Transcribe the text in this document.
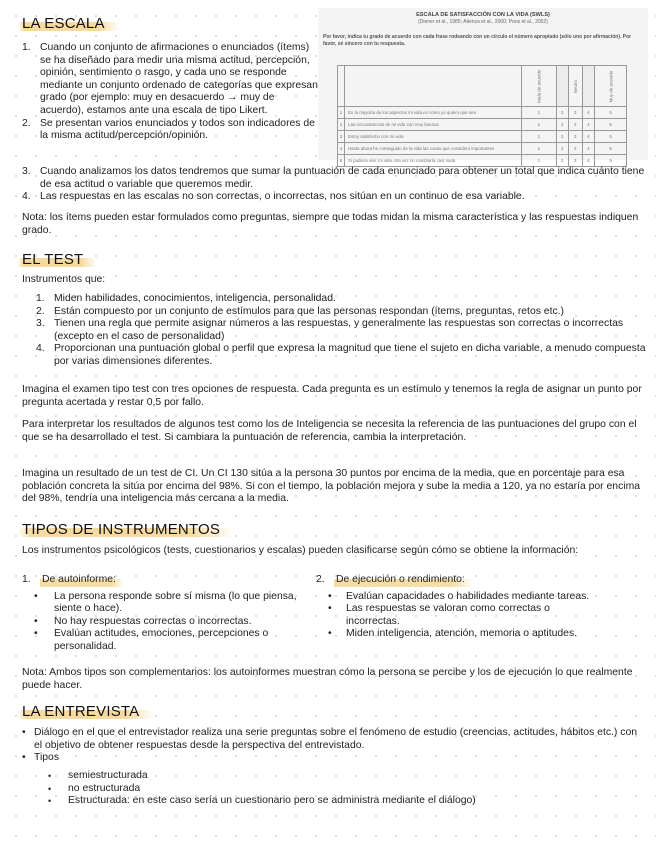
LA ESCALA	ESCALA DE SATISFACCIÓN CON LA VIDA (SWLS)
(Diener et al., 1985; Atienza et al., 2000; Pons et al., 2002)
Por favor, indica tu grado de acuerdo con cada frase rodeando con un círculo el número apropiado (sólo uno por afirmación). Por favor, sé sincero con tu respuesta.
		Nada de acuerdo		Neutro		Muy de acuerdo
1	En la mayoría de los aspectos mi vida es como yo quiero que sea	1	2	3	4	5
2	Las circunstancias de mi vida son muy buenas	1	2	3	4	5
3	Estoy satisfecho con mi vida	1	2	3	4	5
4	Hasta ahora he conseguido de la vida las cosas que considero importantes	1	2	3	4	5
5	Si pudiera vivir mi vida otra vez no cambiaría casi nada	1	2	3	4	5
1. Cuando un conjunto de afirmaciones o enunciados (ítems) se ha diseñado para medir una misma actitud, percepción, opinión, sentimiento o rasgo, y cada uno se responde mediante un conjunto ordenado de categorías que expresan grado (por ejemplo: muy en desacuerdo → muy de acuerdo), estamos ante una escala de tipo Likert.
2. Se presentan varios enunciados y todos son indicadores de la misma actitud/percepción/opinión.
3. Cuando analizamos los datos tendremos que sumar la puntuación de cada enunciado para obtener un total que indica cuánto tiene de esa actitud o variable que queremos medir.
4. Las respuestas en las escalas no son correctas, o incorrectas, nos sitúan en un continuo de esa variable.

Nota: los ítems pueden estar formulados como preguntas, siempre que todas midan la misma característica y las respuestas indiquen grado.

EL TEST

Instrumentos que:

1. Miden habilidades, conocimientos, inteligencia, personalidad.
2. Están compuesto por un conjunto de estímulos para que las personas respondan (ítems, preguntas, retos etc.)
3. Tienen una regla que permite asignar números a las respuestas, y generalmente las respuestas son correctas o incorrectas (excepto en el caso de personalidad)
4. Proporcionan una puntuación global o perfil que expresa la magnitud que tiene el sujeto en dicha variable, a menudo compuesta por varias dimensiones diferentes.

Imagina el examen tipo test con tres opciones de respuesta. Cada pregunta es un estímulo y tenemos la regla de asignar un punto por pregunta acertada y restar 0,5 por fallo.

Para interpretar los resultados de algunos test como los de Inteligencia se necesita la referencia de las puntuaciones del grupo con el que se ha desarrollado el test. Si cambiara la puntuación de referencia, cambia la interpretación.

Imagina un resultado de un test de CI. Un CI 130 sitúa a la persona 30 puntos por encima de la media, que en porcentaje para esa población concreta la sitúa por encima del 98%. Si con el tiempo, la población mejora y sube la media a 120, ya no estaría por encima del 98%, tendría una inteligencia más cercana a la media.

TIPOS DE INSTRUMENTOS

Los instrumentos psicológicos (tests, cuestionarios y escalas) pueden clasificarse según cómo se obtiene la información:

1. De autoinforme:
• La persona responde sobre sí misma (lo que piensa, siente o hace).
• No hay respuestas correctas o incorrectas.
• Evalúan actitudes, emociones, percepciones o personalidad.
2. De ejecución o rendimiento:
• Evalúan capacidades o habilidades mediante tareas.
• Las respuestas se valoran como correctas o incorrectas.
• Miden inteligencia, atención, memoria o aptitudes.

Nota: Ambos tipos son complementarios: los autoinformes muestran cómo la persona se percibe y los de ejecución lo que realmente puede hacer.

LA ENTREVISTA
• Diálogo en el que el entrevistador realiza una serie preguntas sobre el fenómeno de estudio (creencias, actitudes, hábitos etc.) con el objetivo de obtener respuestas desde la perspectiva del entrevistado.
• Tipos
• semiestructurada
• no estructurada
• Estructurada: en este caso sería un cuestionario pero se administra mediante el diálogo)
